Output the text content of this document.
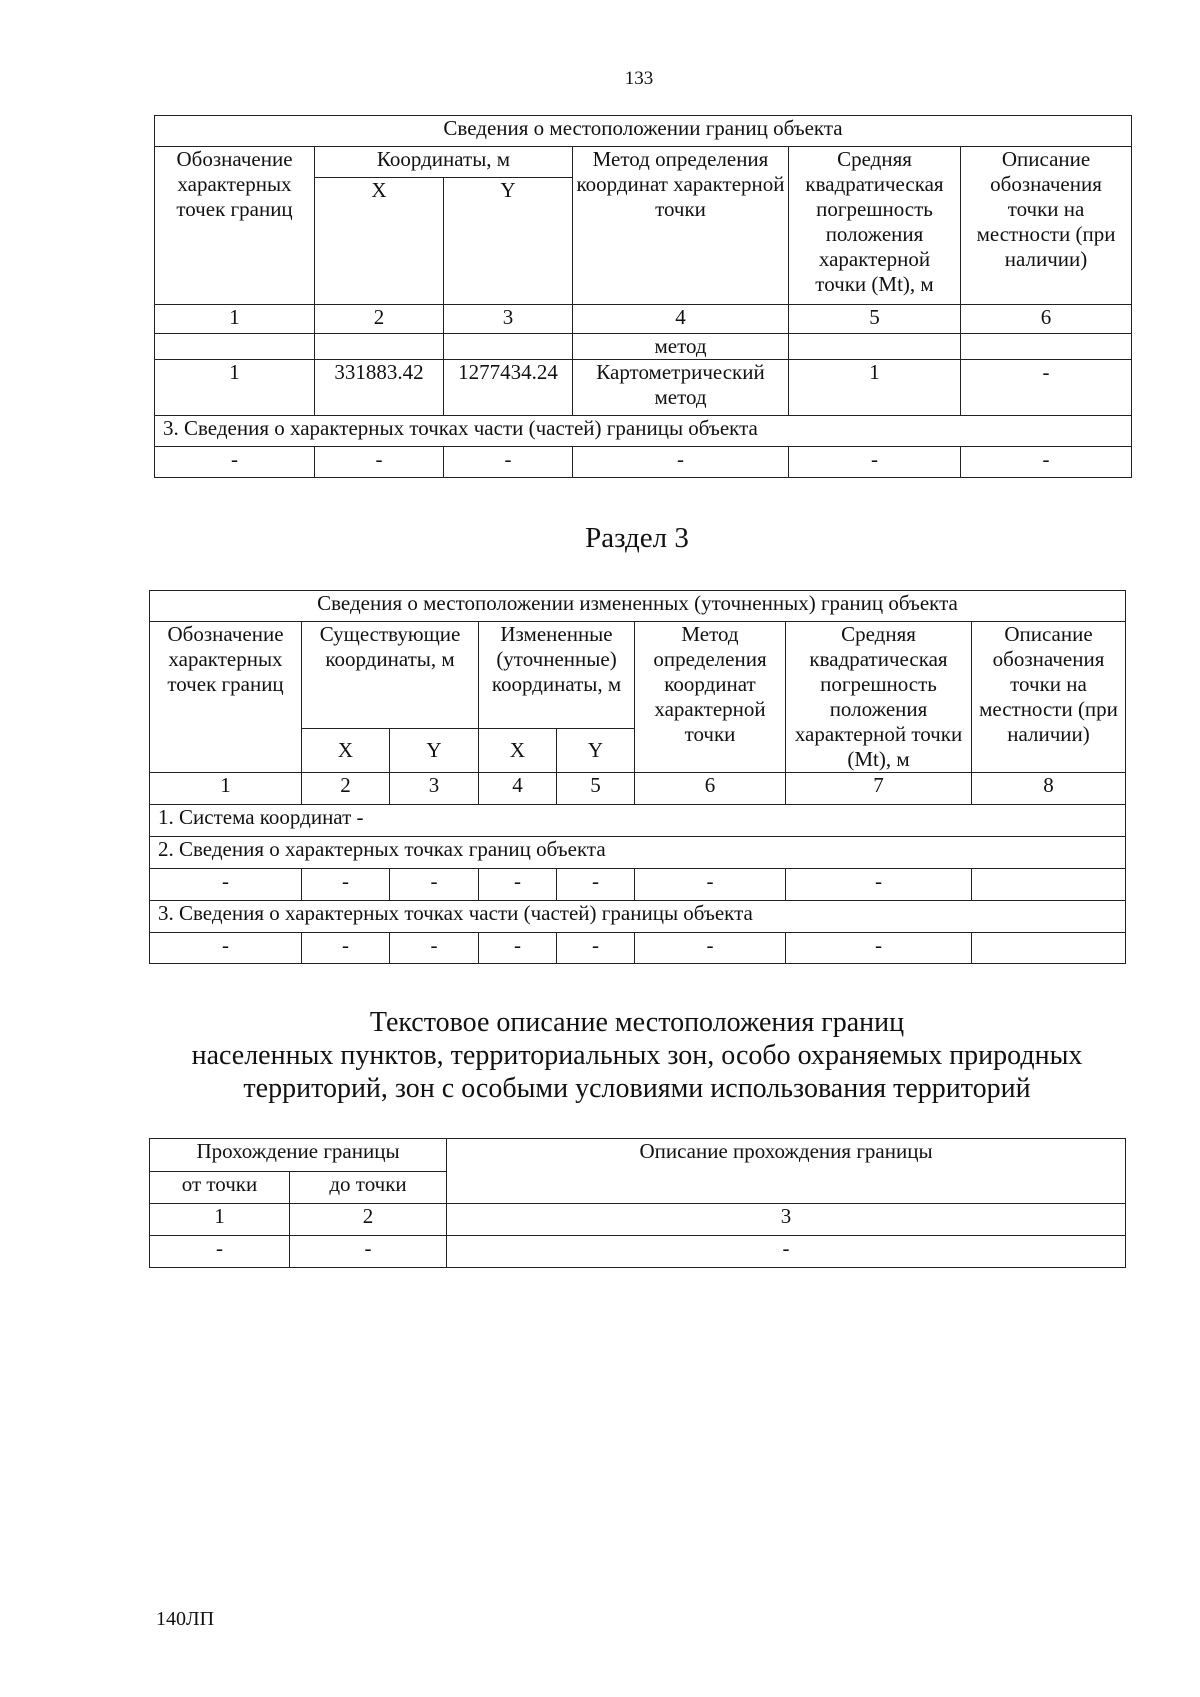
133
Сведения о местоположении границ объекта					
Обозначение характерных точек границ	Координаты, м		Метод определения координат характерной точки	Средняя квадратическая погрешность положения характерной точки (Mt), м	Описание обозначения точки на местности (при наличии)
	X	Y			
1	2	3	4	5	6
			метод		
1	331883.42	1277434.24	Картометрический метод	1	-
3. Сведения о характерных точках части (частей) границы объекта					
-	-	-	-	-	-
Раздел 3
Сведения о местоположении измененных (уточненных) границ объекта							
Обозначение характерных точек границ	Существующие координаты, м		Измененные (уточненные) координаты, м		Метод определения координат характерной точки	Средняя квадратическая погрешность положения характерной точки (Mt), м	Описание обозначения точки на местности (при наличии)
	X	Y	X	Y			
1	2	3	4	5	6	7	8
1. Система координат -							
2. Сведения о характерных точках границ объекта							
-	-	-	-	-	-	-	
3. Сведения о характерных точках части (частей) границы объекта							
-	-	-	-	-	-	-	
Текстовое описание местоположения границ
населенных пунктов, территориальных зон, особо охраняемых природных
территорий, зон с особыми условиями использования территорий
Прохождение границы		Описание прохождения границы
от точки	до точки	
1	2	3
-	-	-
140ЛП
